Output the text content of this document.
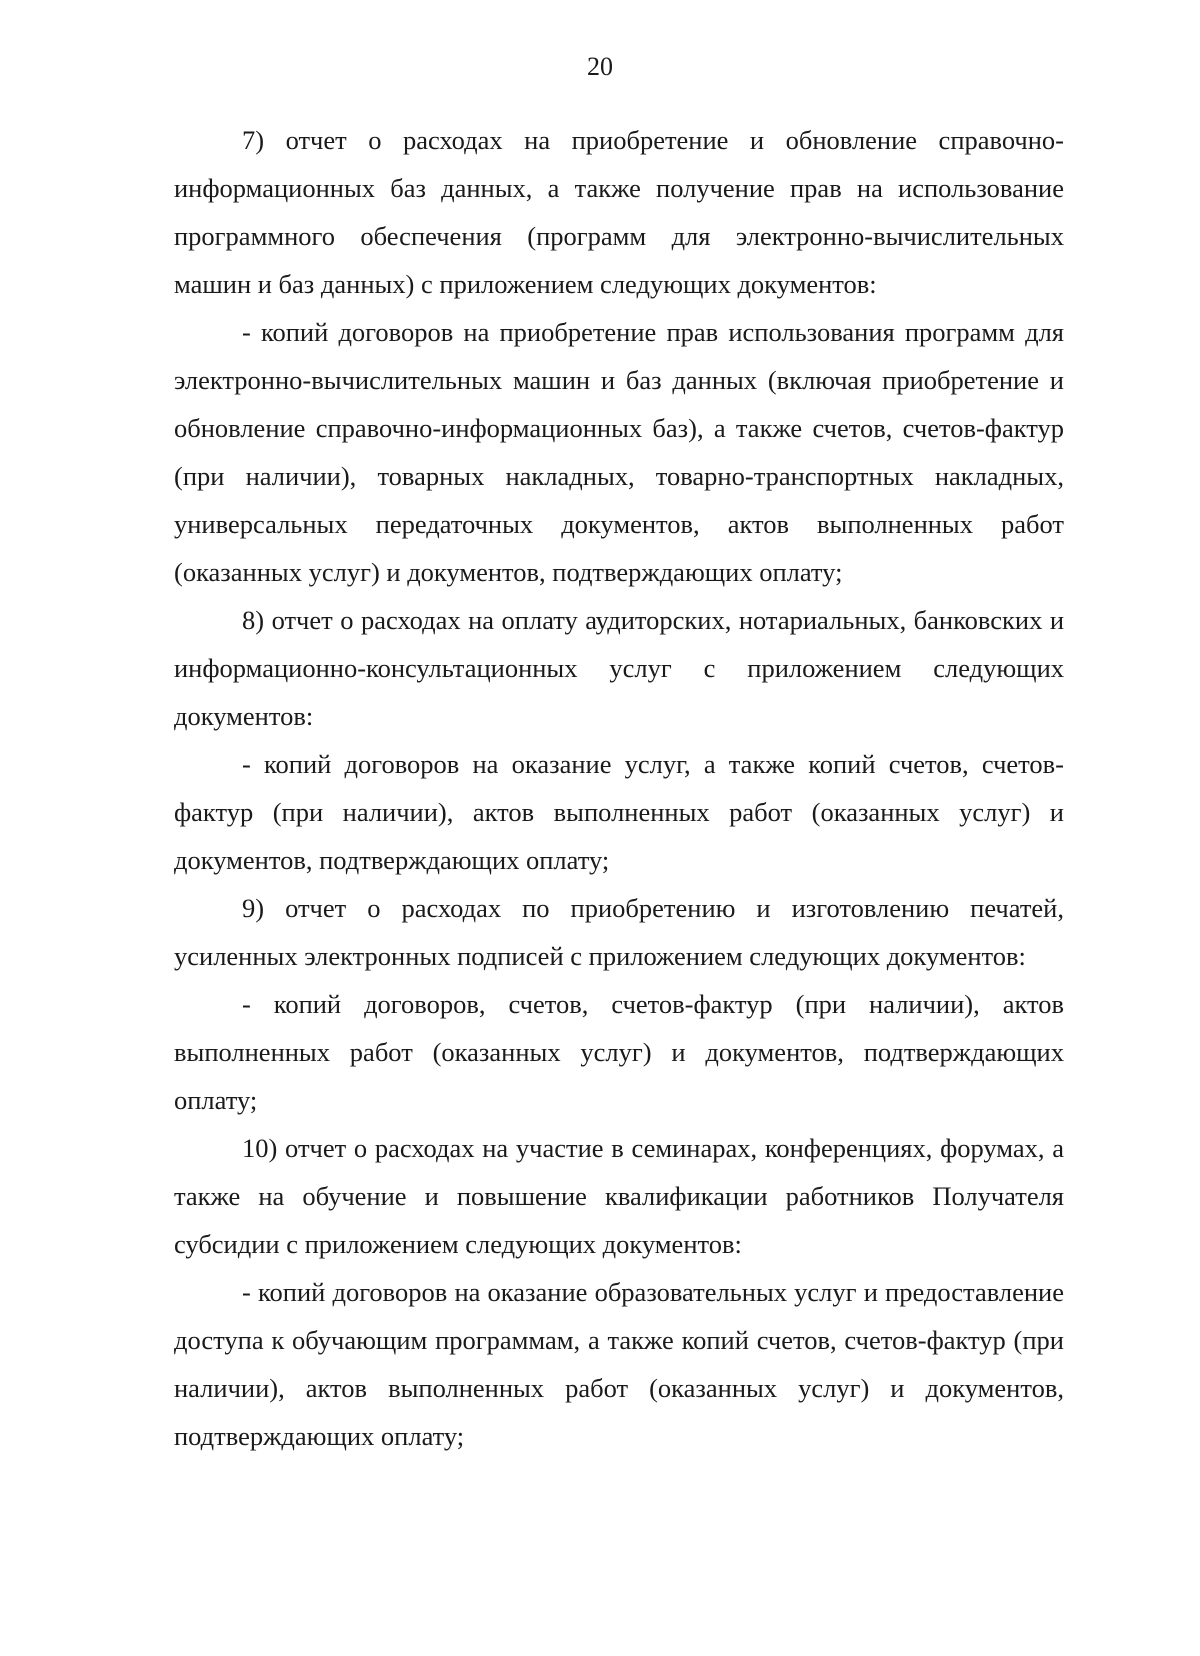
20

7) отчет о расходах на приобретение и обновление справочно-информационных баз данных, а также получение прав на использование программного обеспечения (программ для электронно-вычислительных машин и баз данных) с приложением следующих документов:

- копий договоров на приобретение прав использования программ для электронно-вычислительных машин и баз данных (включая приобретение и обновление справочно-информационных баз), а также счетов, счетов-фактур (при наличии), товарных накладных, товарно-транспортных накладных, универсальных передаточных документов, актов выполненных работ (оказанных услуг) и документов, подтверждающих оплату;

8) отчет о расходах на оплату аудиторских, нотариальных, банковских и информационно-консультационных услуг с приложением следующих документов:

- копий договоров на оказание услуг, а также копий счетов, счетов-фактур (при наличии), актов выполненных работ (оказанных услуг) и документов, подтверждающих оплату;

9) отчет о расходах по приобретению и изготовлению печатей, усиленных электронных подписей с приложением следующих документов:

- копий договоров, счетов, счетов-фактур (при наличии), актов выполненных работ (оказанных услуг) и документов, подтверждающих оплату;

10) отчет о расходах на участие в семинарах, конференциях, форумах, а также на обучение и повышение квалификации работников Получателя субсидии с приложением следующих документов:

- копий договоров на оказание образовательных услуг и предоставление доступа к обучающим программам, а также копий счетов, счетов-фактур (при наличии), актов выполненных работ (оказанных услуг) и документов, подтверждающих оплату;
